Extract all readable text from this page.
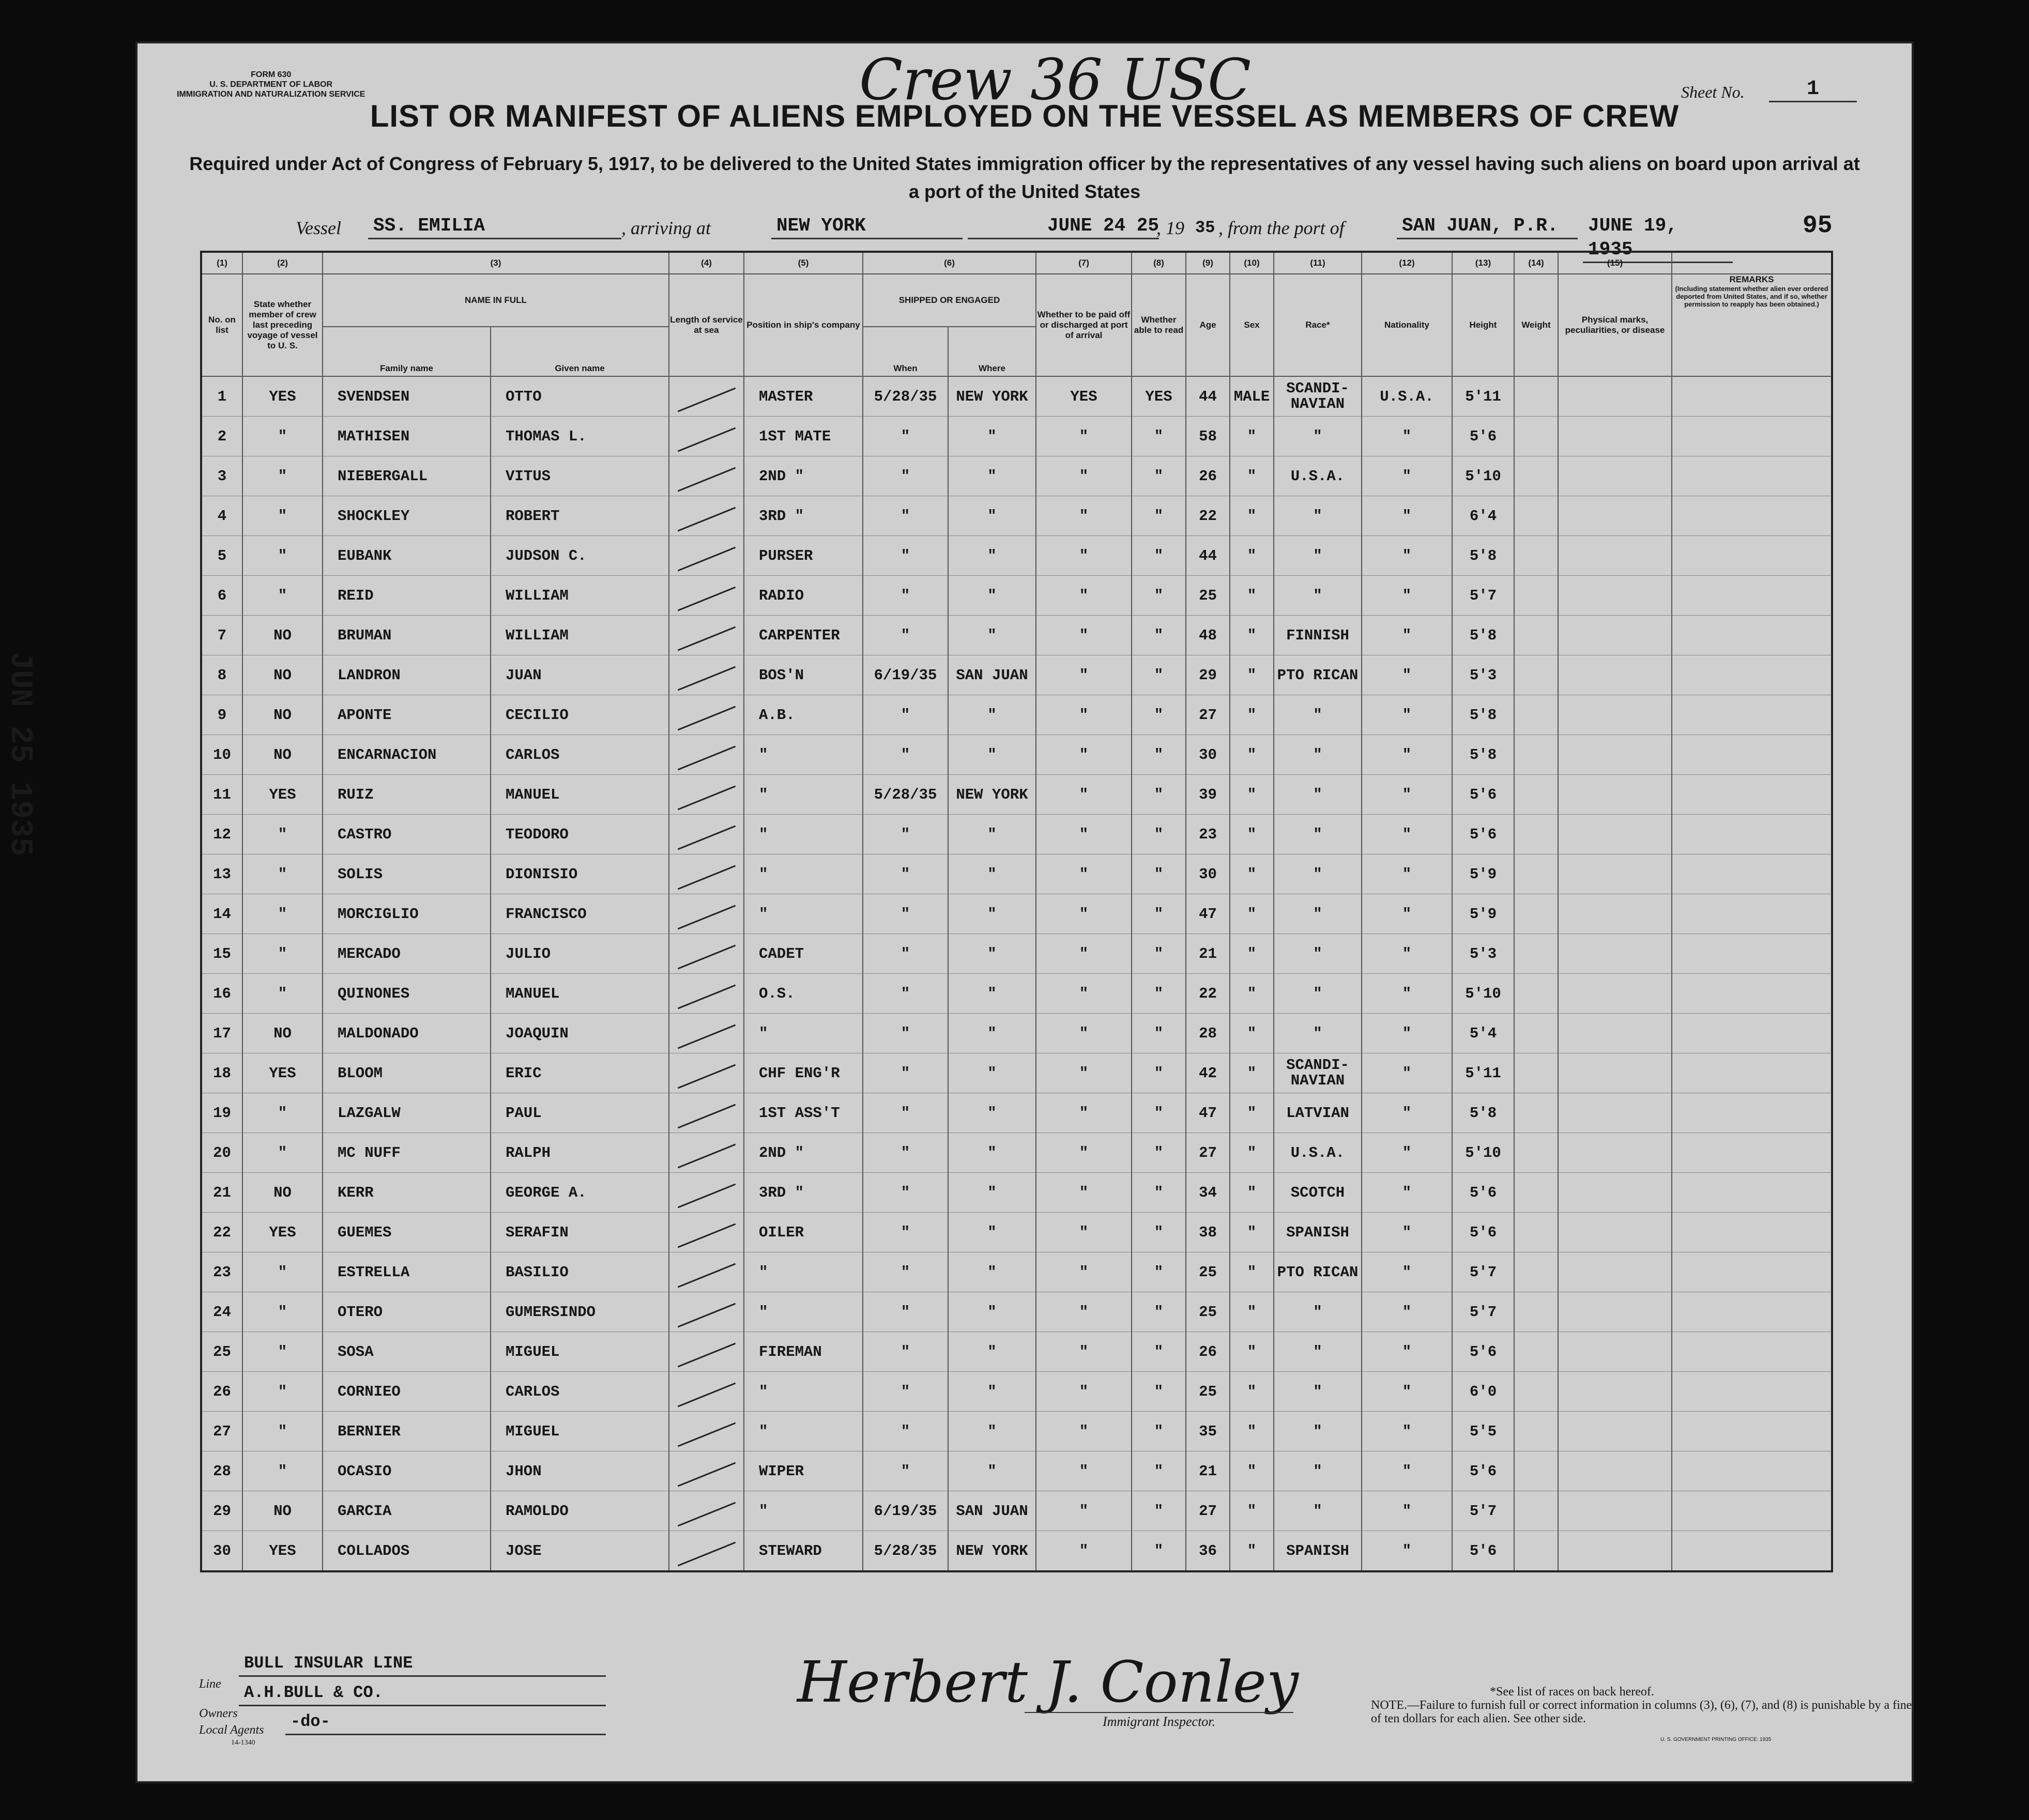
FORM 630
U. S. DEPARTMENT OF LABOR
IMMIGRATION AND NATURALIZATION SERVICE	Crew 36 USC	Sheet No.	1
LIST OR MANIFEST OF ALIENS EMPLOYED ON THE VESSEL AS MEMBERS OF CREW
Required under Act of Congress of February 5, 1917, to be delivered to the United States immigration officer by the representatives of any vessel having such aliens on board upon arrival at a port of the United States
Vessel SS. EMILIA	, arriving at	NEW YORK	JUNE 24 25
, 19 35 , from the port of	SAN JUAN, P.R.	JUNE 19, 1935
95
(1)	(2)	(3)		(4)	(5)	(6)		(7)	(8)	(9)	(10)	(11)	(12)	(13)	(14)	(15)	
No. on list	State whether member of crew last preceding voyage of vessel to U. S.	NAME IN FULL		Length of service at sea	Position in ship's company	SHIPPED OR ENGAGED		Whether to be paid off or discharged at port of arrival	Whether able to read	Age	Sex	Race*	Nationality	Height	Weight	Physical marks, peculiarities, or disease	REMARKS
(Including statement whether alien ever ordered deported from United States, and if so, whether permission to reapply has been obtained.)

		Family name	Given name			When	Where										
1	YES	SVENDSEN	OTTO		MASTER	5/28/35	NEW YORK	YES	YES	44	MALE	SCANDI- NAVIAN	U.S.A.	5'11			
2	"	MATHISEN	THOMAS L.		1ST MATE	"	"	"	"	58	"	"	"	5'6			
3	"	NIEBERGALL	VITUS		2ND "	"	"	"	"	26	"	U.S.A.	"	5'10			
4	"	SHOCKLEY	ROBERT		3RD "	"	"	"	"	22	"	"	"	6'4			
5	"	EUBANK	JUDSON C.		PURSER	"	"	"	"	44	"	"	"	5'8			
6	"	REID	WILLIAM		RADIO	"	"	"	"	25	"	"	"	5'7			
7	NO	BRUMAN	WILLIAM		CARPENTER	"	"	"	"	48	"	FINNISH	"	5'8			
8	NO	LANDRON	JUAN		BOS'N	6/19/35	SAN JUAN	"	"	29	"	PTO RICAN	"	5'3			
9	NO	APONTE	CECILIO		A.B.	"	"	"	"	27	"	"	"	5'8			
10	NO	ENCARNACION	CARLOS		"	"	"	"	"	30	"	"	"	5'8			
11	YES	RUIZ	MANUEL		"	5/28/35	NEW YORK	"	"	39	"	"	"	5'6			
12	"	CASTRO	TEODORO		"	"	"	"	"	23	"	"	"	5'6			
13	"	SOLIS	DIONISIO		"	"	"	"	"	30	"	"	"	5'9			
14	"	MORCIGLIO	FRANCISCO		"	"	"	"	"	47	"	"	"	5'9			
15	"	MERCADO	JULIO		CADET	"	"	"	"	21	"	"	"	5'3			
16	"	QUINONES	MANUEL		O.S.	"	"	"	"	22	"	"	"	5'10			
17	NO	MALDONADO	JOAQUIN		"	"	"	"	"	28	"	"	"	5'4			
18	YES	BLOOM	ERIC		CHF ENG'R	"	"	"	"	42	"	SCANDI- NAVIAN	"	5'11			
19	"	LAZGALW	PAUL		1ST ASS'T	"	"	"	"	47	"	LATVIAN	"	5'8			
20	"	MC NUFF	RALPH		2ND "	"	"	"	"	27	"	U.S.A.	"	5'10			
21	NO	KERR	GEORGE A.		3RD "	"	"	"	"	34	"	SCOTCH	"	5'6			
22	YES	GUEMES	SERAFIN		OILER	"	"	"	"	38	"	SPANISH	"	5'6			
23	"	ESTRELLA	BASILIO		"	"	"	"	"	25	"	PTO RICAN	"	5'7			
24	"	OTERO	GUMERSINDO		"	"	"	"	"	25	"	"	"	5'7			
25	"	SOSA	MIGUEL		FIREMAN	"	"	"	"	26	"	"	"	5'6			
26	"	CORNIEO	CARLOS		"	"	"	"	"	25	"	"	"	6'0			
27	"	BERNIER	MIGUEL		"	"	"	"	"	35	"	"	"	5'5			
28	"	OCASIO	JHON		WIPER	"	"	"	"	21	"	"	"	5'6			
29	NO	GARCIA	RAMOLDO		"	6/19/35	SAN JUAN	"	"	27	"	"	"	5'7			
30	YES	COLLADOS	JOSE		STEWARD	5/28/35	NEW YORK	"	"	36	"	SPANISH	"	5'6			
Herbert J. Conley
Immigrant Inspector.
Line
BULL INSULAR LINE
Owners
A.H.BULL & CO.
Local Agents	-do-
14-1340
*See list of races on back hereof.
NOTE.—Failure to furnish full or correct information in columns (3), (6), (7), and (8) is punishable by a fine of ten dollars for each alien. See other side.
U. S. GOVERNMENT PRINTING OFFICE: 1935
JUN 25 1935
